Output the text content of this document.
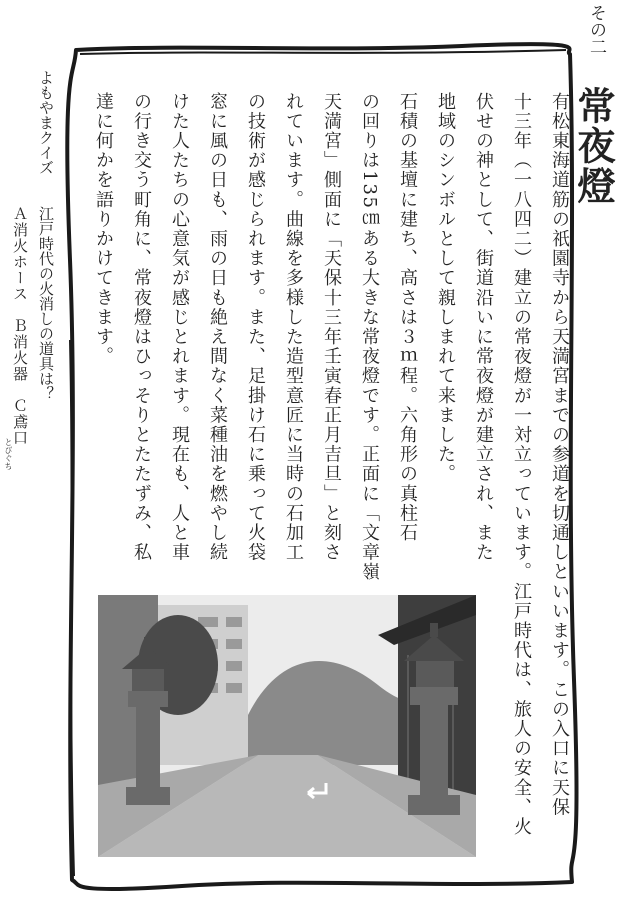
その二
常夜燈
有松東海道筋の祇園寺から天満宮までの参道を切通しといいます。この入口に天保
十三年（一八四二）建立の常夜燈が一対立っています。江戸時代は、旅人の安全、火
伏せの神として、街道沿いに常夜燈が建立され、また
地域のシンボルとして親しまれて来ました。
石積の基壇に建ち、高さは３ｍ程。六角形の真柱石
の回りは135㎝ある大きな常夜燈です。正面に「文章嶺
天満宮」側面に「天保十三年壬寅春正月吉旦」と刻さ
れています。曲線を多様した造型意匠に当時の石加工
の技術が感じられます。また、足掛け石に乗って火袋
窓に風の日も、雨の日も絶え間なく菜種油を燃やし続
けた人たちの心意気が感じとれます。現在も、人と車
の行き交う町角に、常夜燈はひっそりとたたずみ、私
達に何かを語りかけてきます。
よもやまクイズ
江戸時代の火消しの道具は？
Ａ消火ホース　Ｂ消火器　Ｃ鳶口
とびぐち
